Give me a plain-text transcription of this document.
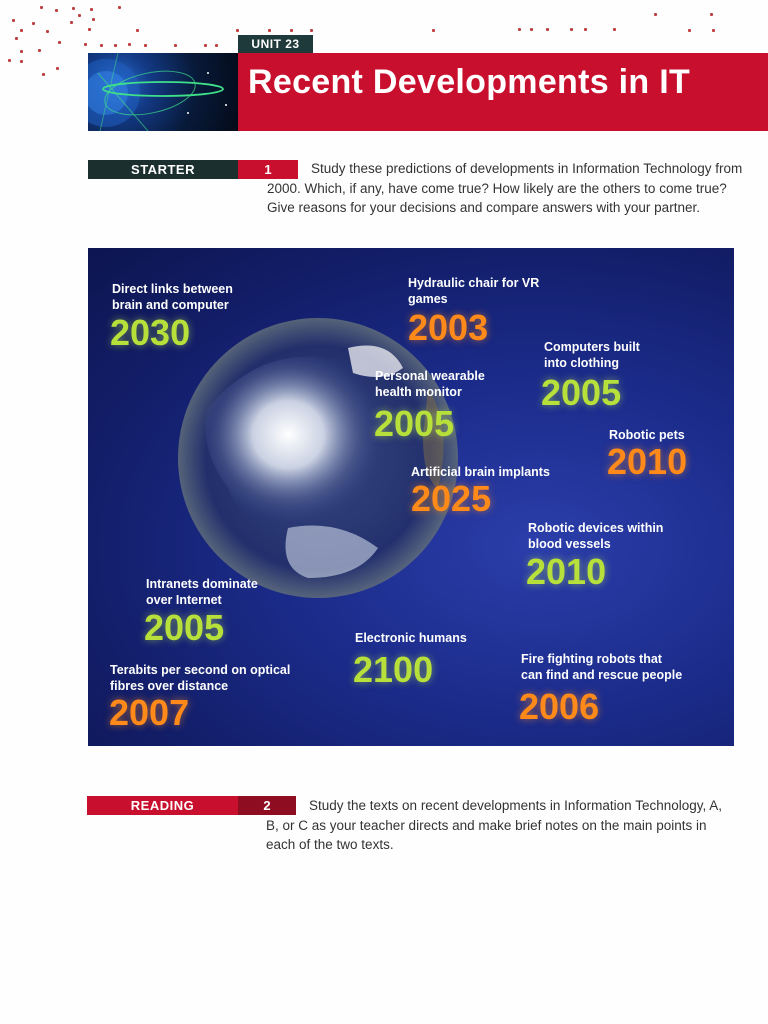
UNIT 23
Recent Developments in IT
STARTER	1	Study these predictions of developments in Information Technology from 2000. Which, if any, have come true? How likely are the others to come true? Give reasons for your decisions and compare answers with your partner.

Direct links between
brain and computer
2030
Hydraulic chair for VR
games
2003	Computers built
into clothing
2005
Personal wearable
health monitor
2005	Robotic pets
2010
Artificial brain implants
2025
Robotic devices within
blood vessels
2010
Intranets dominate
over Internet
2005	Electronic humans
2100	Fire fighting robots that
can find and rescue people
2006
Terabits per second on optical
fibres over distance
2007
READING	2	Study the texts on recent developments in Information Technology, A, B, or C as your teacher directs and make brief notes on the main points in each of the two texts.
